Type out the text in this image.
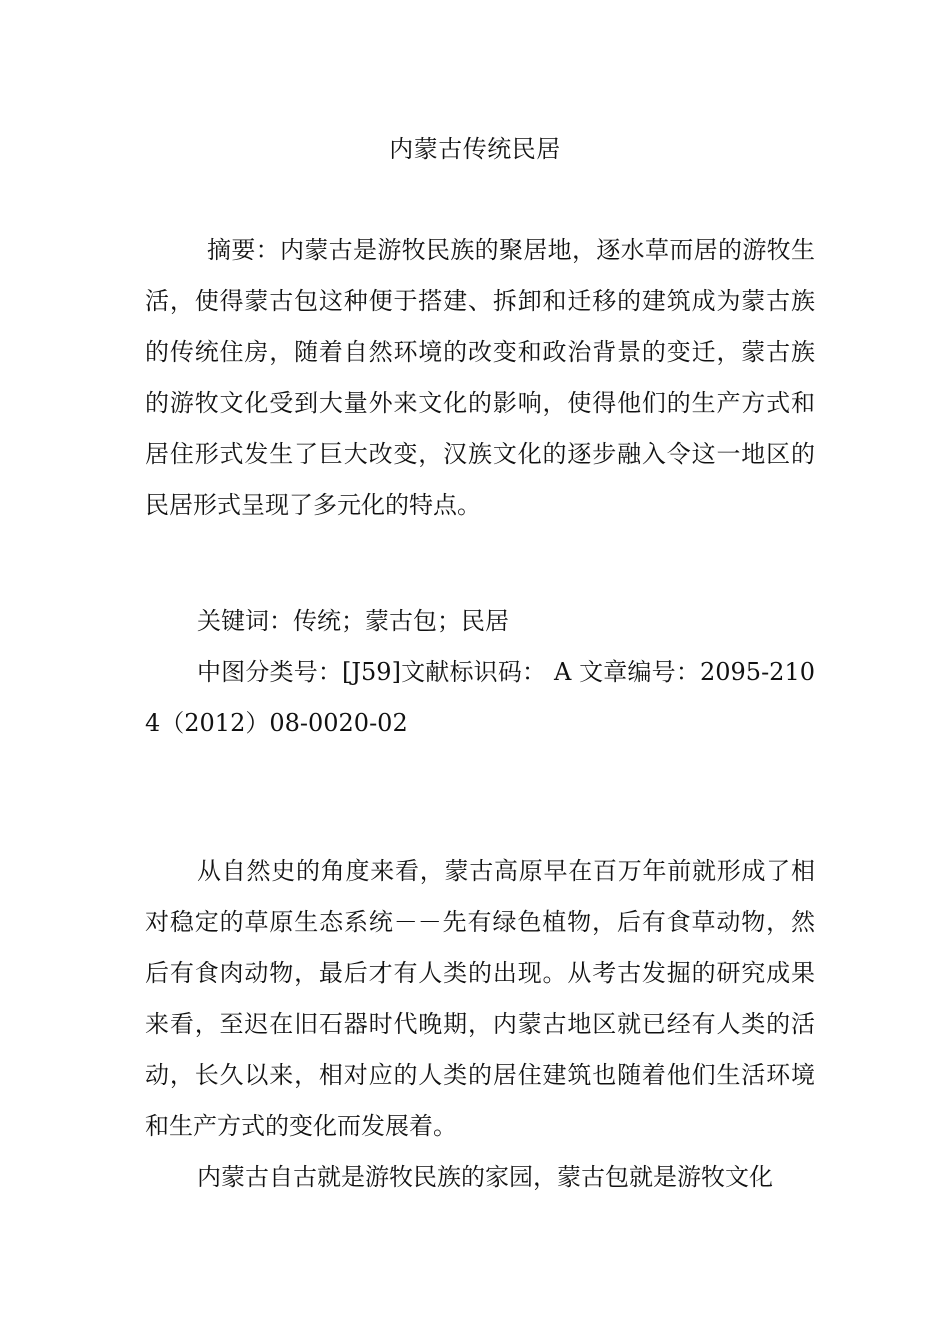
内蒙古传统民居

摘要：内蒙古是游牧民族的聚居地，逐水草而居的游牧生活，使得蒙古包这种便于搭建、拆卸和迁移的建筑成为蒙古族的传统住房，随着自然环境的改变和政治背景的变迁，蒙古族的游牧文化受到大量外来文化的影响，使得他们的生产方式和居住形式发生了巨大改变，汉族文化的逐步融入令这一地区的民居形式呈现了多元化的特点。

关键词：传统；蒙古包；民居

中图分类号：[J59]文献标识码： A 文章编号：2095-2104（2012）08-0020-02

从自然史的角度来看，蒙古高原早在百万年前就形成了相对稳定的草原生态系统－－先有绿色植物，后有食草动物，然后有食肉动物，最后才有人类的出现。从考古发掘的研究成果来看，至迟在旧石器时代晚期，内蒙古地区就已经有人类的活动，长久以来，相对应的人类的居住建筑也随着他们生活环境和生产方式的变化而发展着。

内蒙古自古就是游牧民族的家园，蒙古包就是游牧文化
